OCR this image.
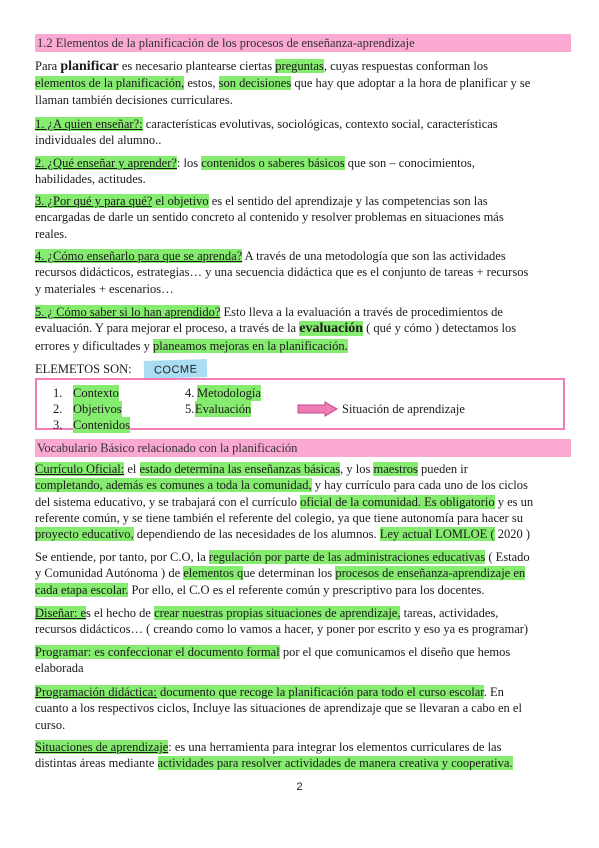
1.2 Elementos de la planificación de los procesos de enseñanza-aprendizaje

Para planificar es necesario plantearse ciertas preguntas, cuyas respuestas conforman los

elementos de la planificación, estos, son decisiones que hay que adoptar a la hora de planificar y se

llaman también decisiones curriculares.

1. ¿A quien enseñar?: características evolutivas, sociológicas, contexto social, características

individuales del alumno..

2. ¿Qué enseñar y aprender?: los contenidos o saberes básicos que son – conocimientos,

habilidades, actitudes.

3. ¿Por qué y para qué? el objetivo es el sentido del aprendizaje y las competencias son las

encargadas de darle un sentido concreto al contenido y resolver problemas en situaciones más

reales.

4. ¿Cómo enseñarlo para que se aprenda? A través de una metodología que son las actividades

recursos didácticos, estrategias… y una secuencia didáctica que es el conjunto de tareas + recursos

y materiales + escenarios…

5. ¿ Cómo saber si lo han aprendido? Esto lleva a la evaluación a través de procedimientos de

evaluación. Y para mejorar el proceso, a través de la evaluación ( qué y cómo ) detectamos los

errores y dificultades y planeamos mejoras en la planificación.

ELEMETOS SON: COCME
1. Contexto
2. Objetivos
3. Contenidos
4. Metodología
5. Evaluación	Situación de aprendizaje
Vocabulario Básico relacionado con la planificación

Currículo Oficial: el estado determina las enseñanzas básicas, y los maestros pueden ir

completando, además es comunes a toda la comunidad, y hay currículo para cada uno de los ciclos

del sistema educativo, y se trabajará con el currículo oficial de la comunidad. Es obligatorio y es un

referente común, y se tiene también el referente del colegio, ya que tiene autonomía para hacer su

proyecto educativo, dependiendo de las necesidades de los alumnos. Ley actual LOMLOE ( 2020 )

Se entiende, por tanto, por C.O, la regulación por parte de las administraciones educativas ( Estado

y Comunidad Autónoma ) de elementos que determinan los procesos de enseñanza-aprendizaje en

cada etapa escolar. Por ello, el C.O es el referente común y prescriptivo para los docentes.

Diseñar: es el hecho de crear nuestras propias situaciones de aprendizaje, tareas, actividades,

recursos didácticos… ( creando como lo vamos a hacer, y poner por escrito y eso ya es programar)

Programar: es confeccionar el documento formal por el que comunicamos el diseño que hemos

elaborada

Programación didáctica: documento que recoge la planificación para todo el curso escolar. En

cuanto a los respectivos ciclos, Incluye las situaciones de aprendizaje que se llevaran a cabo en el

curso.

Situaciones de aprendizaje: es una herramienta para integrar los elementos curriculares de las

distintas áreas mediante actividades para resolver actividades de manera creativa y cooperativa.

2
